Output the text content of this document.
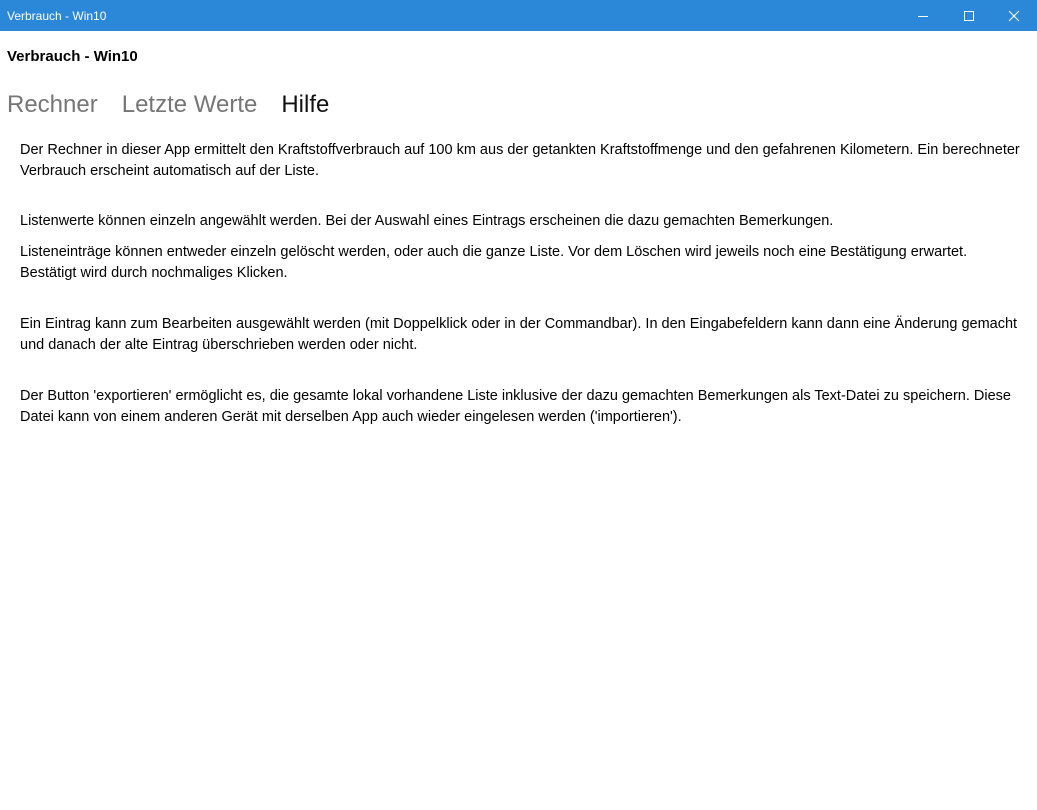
Verbrauch - Win10
Verbrauch - Win10
Rechner Letzte Werte Hilfe

Der Rechner in dieser App ermittelt den Kraftstoffverbrauch auf 100 km aus der getankten Kraftstoffmenge und den gefahrenen Kilometern. Ein berechneter Verbrauch erscheint automatisch auf der Liste.

Listenwerte können einzeln angewählt werden. Bei der Auswahl eines Eintrags erscheinen die dazu gemachten Bemerkungen.

Listeneinträge können entweder einzeln gelöscht werden, oder auch die ganze Liste. Vor dem Löschen wird jeweils noch eine Bestätigung erwartet. Bestätigt wird durch nochmaliges Klicken.

Ein Eintrag kann zum Bearbeiten ausgewählt werden (mit Doppelklick oder in der Commandbar). In den Eingabefeldern kann dann eine Änderung gemacht und danach der alte Eintrag überschrieben werden oder nicht.

Der Button 'exportieren' ermöglicht es, die gesamte lokal vorhandene Liste inklusive der dazu gemachten Bemerkungen als Text-Datei zu speichern. Diese Datei kann von einem anderen Gerät mit derselben App auch wieder eingelesen werden ('importieren').
